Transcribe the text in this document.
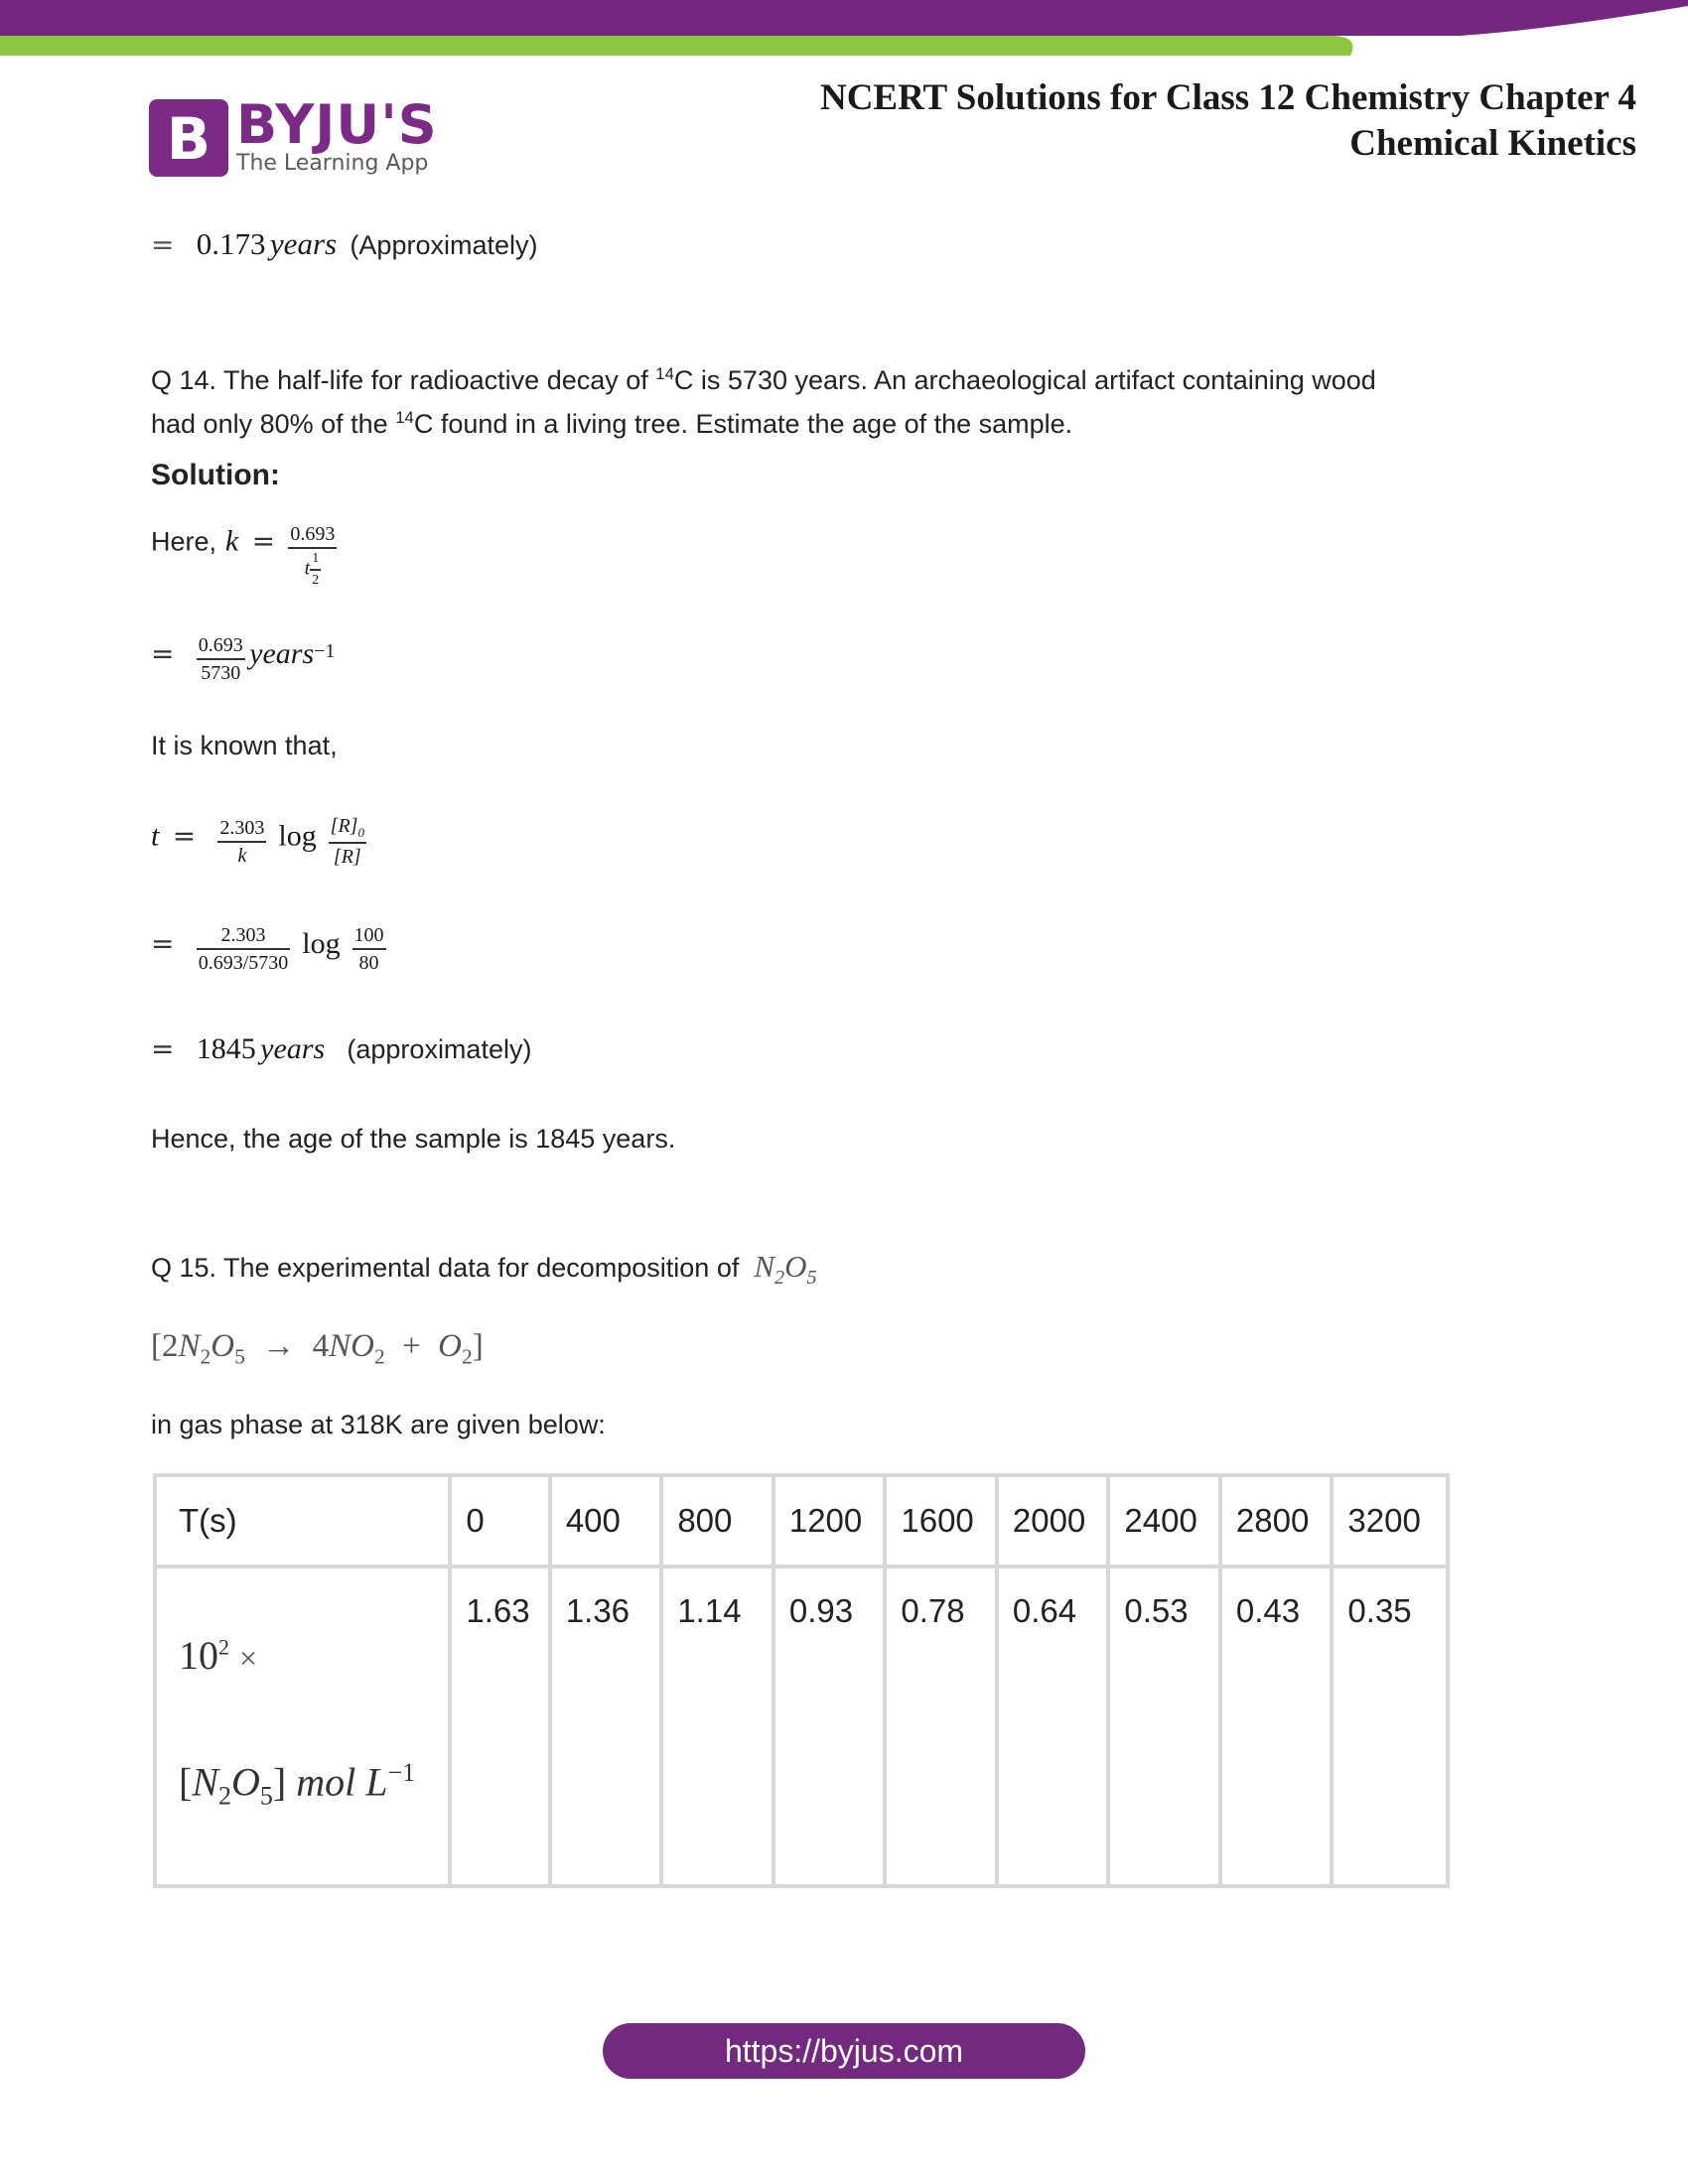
B BYJU'S
The Learning App
NCERT Solutions for Class 12 Chemistry Chapter 4
Chemical Kinetics
=   0.173 years (Approximately)
Q 14. The half-life for radioactive decay of $^{14}$C is 5730 years. An archaeological artifact containing wood
had only 80% of the $^{14}$C found in a living tree. Estimate the age of the sample.
Solution:
Here, $k = \frac{0.693}{t \frac{1}{2}}$
= $\frac{0.693}{5730}$ years$^{-1}$
It is known that,
$t = \frac{2.303}{k}$ $\log \frac{[R]_0}{[R]}$
= $\frac{2.303}{0.693/5730}$ $\log \frac{100}{80}$
=   1845 years (approximately)
Hence, the age of the sample is 1845 years.
Q 15. The experimental data for decomposition of $N_2O_5$
$[2N_2O_5 \to 4NO_2 + O_2]$
in gas phase at 318K are given below:
T(s)	0	400	800	1200	1600	2000	2400	2800	3200

$10^2$ ×
$[N_2O_5]$ mol $L^{-1}$	1.63	1.36	1.14	0.93	0.78	0.64	0.53	0.43	0.35
https://byjus.com
